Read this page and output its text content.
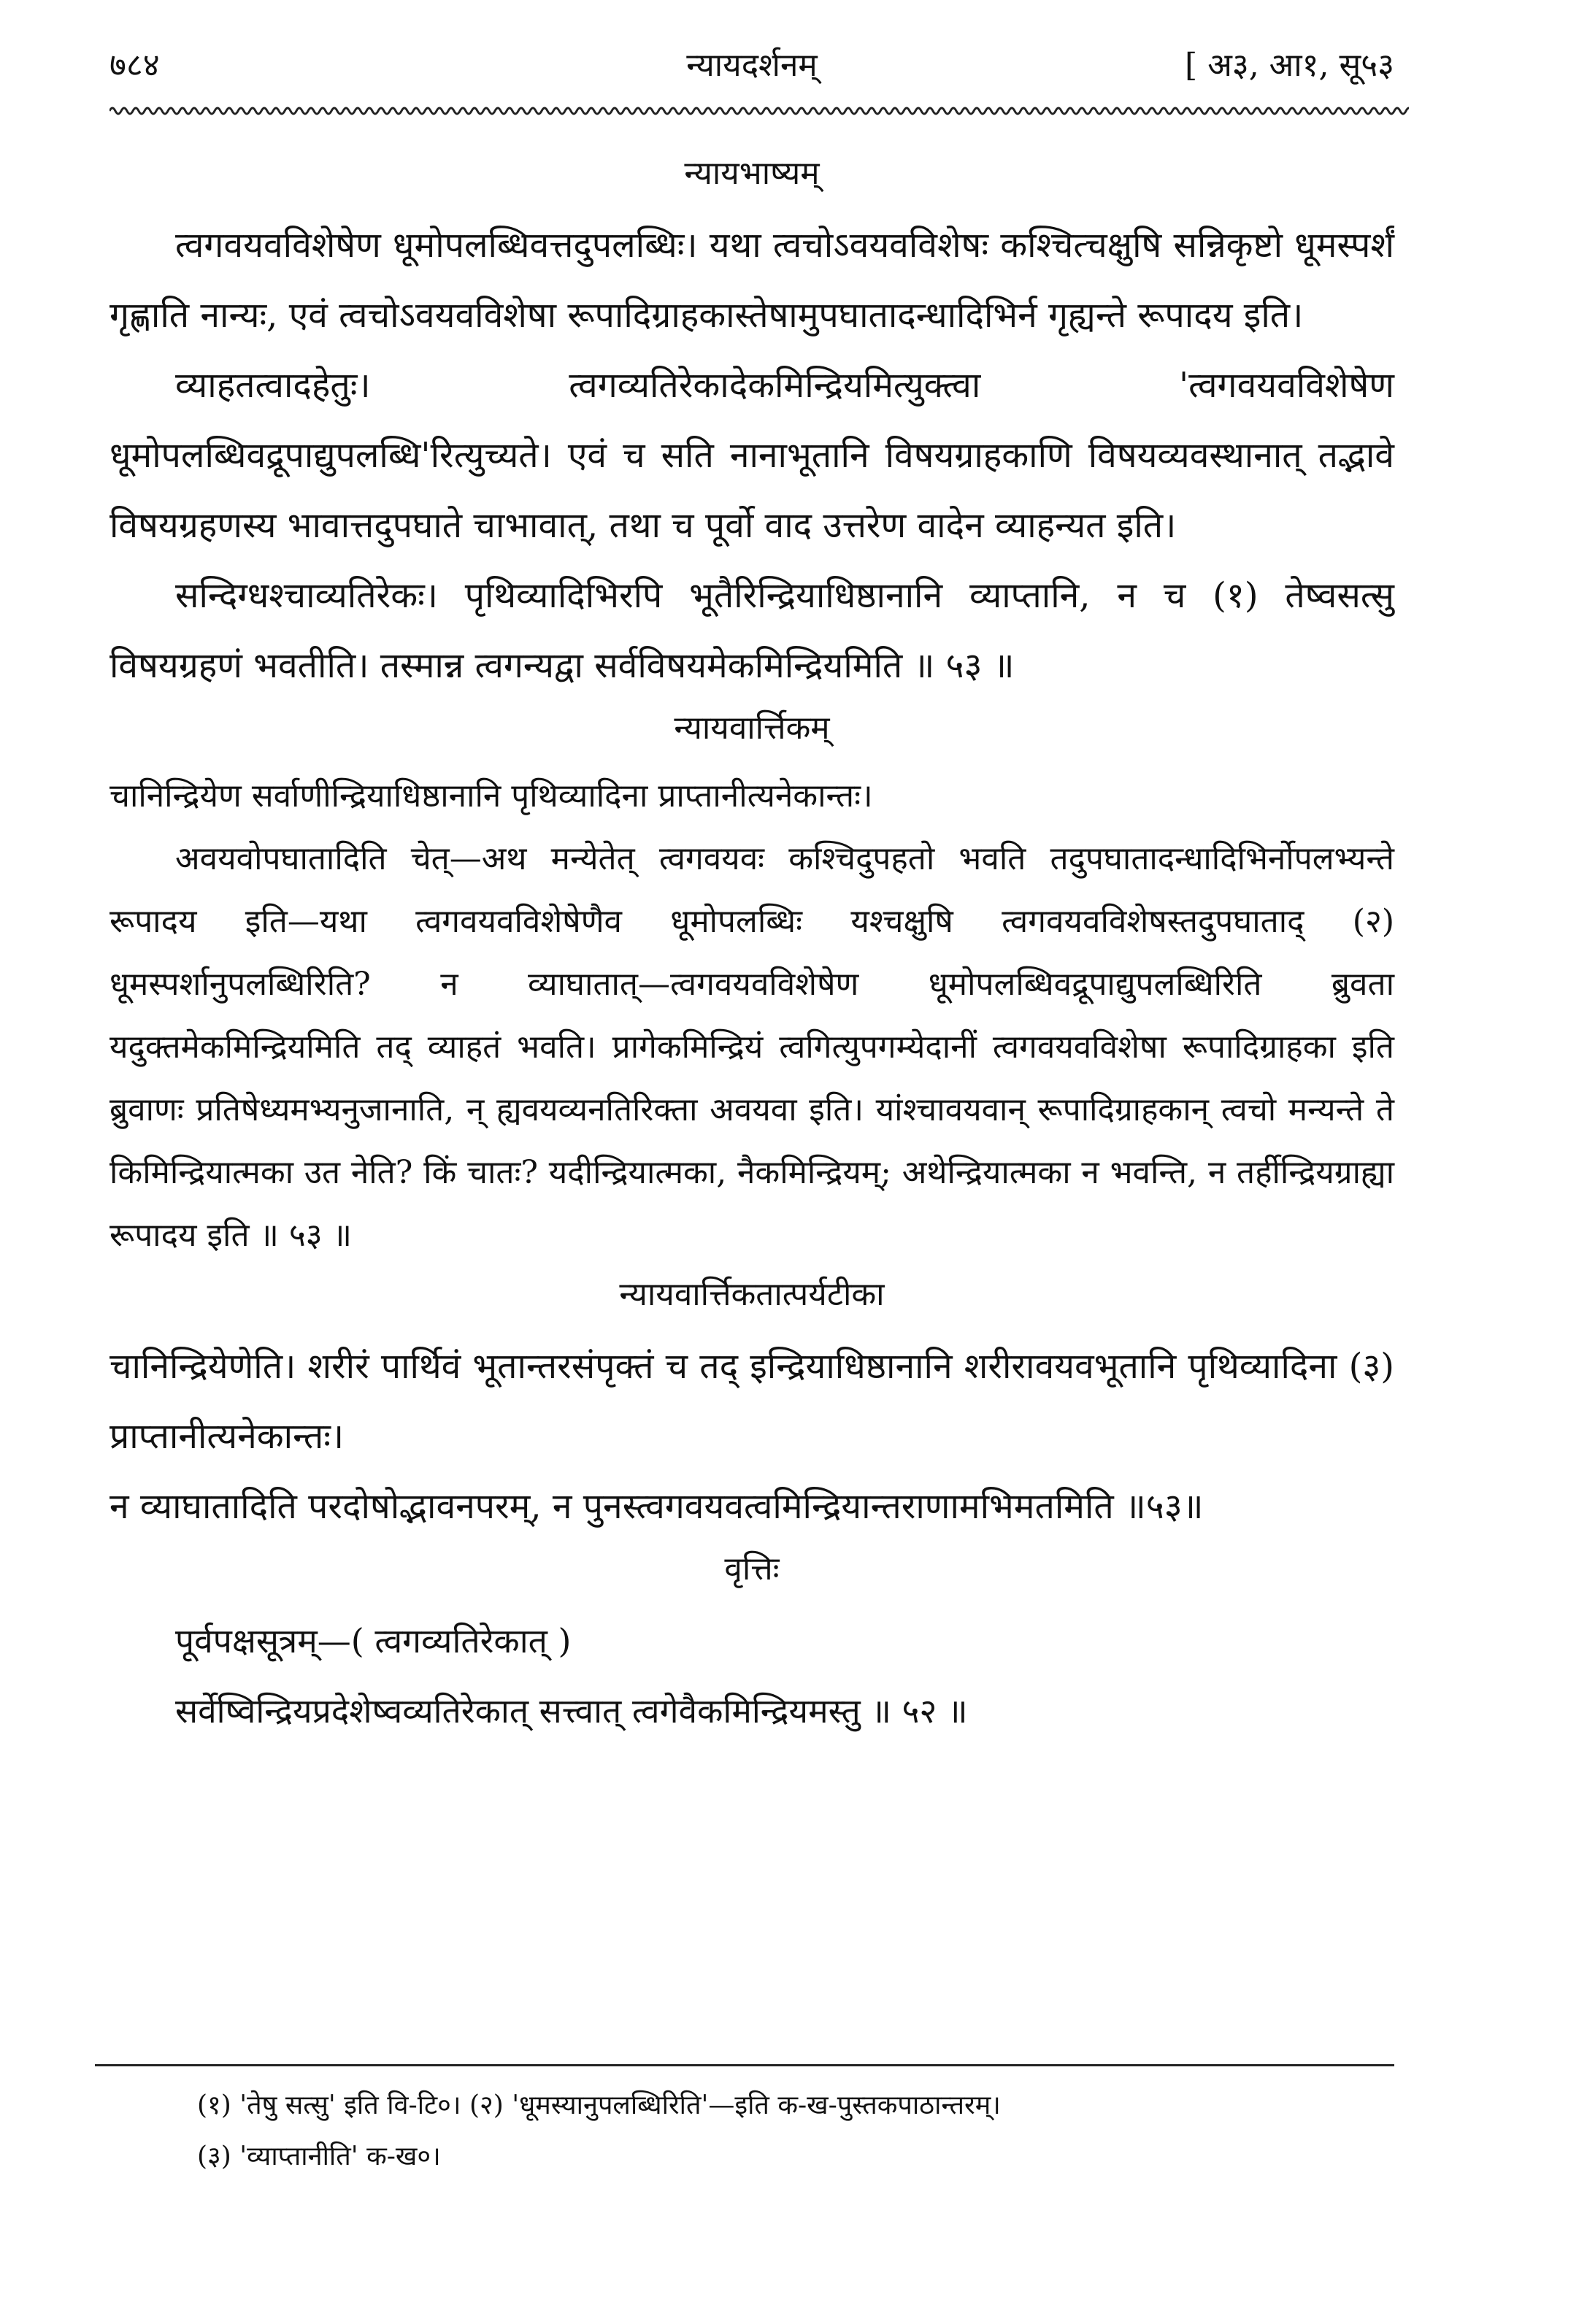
७८४	न्यायदर्शनम्	[ अ३, आ१, सू५३
न्यायभाष्यम्

त्वगवयवविशेषेण धूमोपलब्धिवत्तदुपलब्धिः। यथा त्वचोऽवयवविशेषः कश्चित्चक्षुषि सन्निकृष्टो धूमस्पर्शं गृह्णाति नान्यः, एवं त्वचोऽवयवविशेषा रूपादिग्राहकास्तेषामुपघातादन्धादिभिर्न गृह्यन्ते रूपादय इति।

व्याहतत्वादहेतुः। त्वगव्यतिरेकादेकमिन्द्रियमित्युक्त्वा 'त्वगवयवविशेषेण धूमोपलब्धिवद्रूपाद्युपलब्धि'रित्युच्यते। एवं च सति नानाभूतानि विषयग्राहकाणि विषयव्यवस्थानात् तद्भावे विषयग्रहणस्य भावात्तदुपघाते चाभावात्, तथा च पूर्वो वाद उत्तरेण वादेन व्याहन्यत इति।

सन्दिग्धश्चाव्यतिरेकः। पृथिव्यादिभिरपि भूतैरिन्द्रियाधिष्ठानानि व्याप्तानि, न च (१) तेष्वसत्सु विषयग्रहणं भवतीति। तस्मान्न त्वगन्यद्वा सर्वविषयमेकमिन्द्रियमिति ॥ ५३ ॥

न्यायवार्त्तिकम्

चानिन्द्रियेण सर्वाणीन्द्रियाधिष्ठानानि पृथिव्यादिना प्राप्तानीत्यनेकान्तः।

अवयवोपघातादिति चेत्—अथ मन्येतेत् त्वगवयवः कश्चिदुपहतो भवति तदुपघातादन्धादिभिर्नोपलभ्यन्ते रूपादय इति—यथा त्वगवयवविशेषेणैव धूमोपलब्धिः यश्चक्षुषि त्वगवयवविशेषस्तदुपघाताद् (२) धूमस्पर्शानुपलब्धिरिति? न व्याघातात्—त्वगवयवविशेषेण धूमोपलब्धिवद्रूपाद्युपलब्धिरिति ब्रुवता यदुक्तमेकमिन्द्रियमिति तद् व्याहतं भवति। प्रागेकमिन्द्रियं त्वगित्युपगम्येदानीं त्वगवयवविशेषा रूपादिग्राहका इति ब्रुवाणः प्रतिषेध्यमभ्यनुजानाति, न् ह्यवयव्यनतिरिक्ता अवयवा इति। यांश्चावयवान् रूपादिग्राहकान् त्वचो मन्यन्ते ते किमिन्द्रियात्मका उत नेति? किं चातः? यदीन्द्रियात्मका, नैकमिन्द्रियम्; अथेन्द्रियात्मका न भवन्ति, न तर्हीन्द्रियग्राह्या रूपादय इति ॥ ५३ ॥

न्यायवार्त्तिकतात्पर्यटीका

चानिन्द्रियेणेति। शरीरं पार्थिवं भूतान्तरसंपृक्तं च तद् इन्द्रियाधिष्ठानानि शरीरावयवभूतानि पृथिव्यादिना (३) प्राप्तानीत्यनेकान्तः।

न व्याघातादिति परदोषोद्भावनपरम्, न पुनस्त्वगवयवत्वमिन्द्रियान्तराणामभिमतमिति ॥५३॥

वृत्तिः
पूर्वपक्षसूत्रम्—( त्वगव्यतिरेकात् )
सर्वेष्विन्द्रियप्रदेशेष्वव्यतिरेकात् सत्त्वात् त्वगेवैकमिन्द्रियमस्तु ॥ ५२ ॥
(१) 'तेषु सत्सु' इति वि-टि०। (२) 'धूमस्यानुपलब्धिरिति'—इति क-ख-पुस्तकपाठान्तरम्।
(३) 'व्याप्तानीति' क-ख०।
